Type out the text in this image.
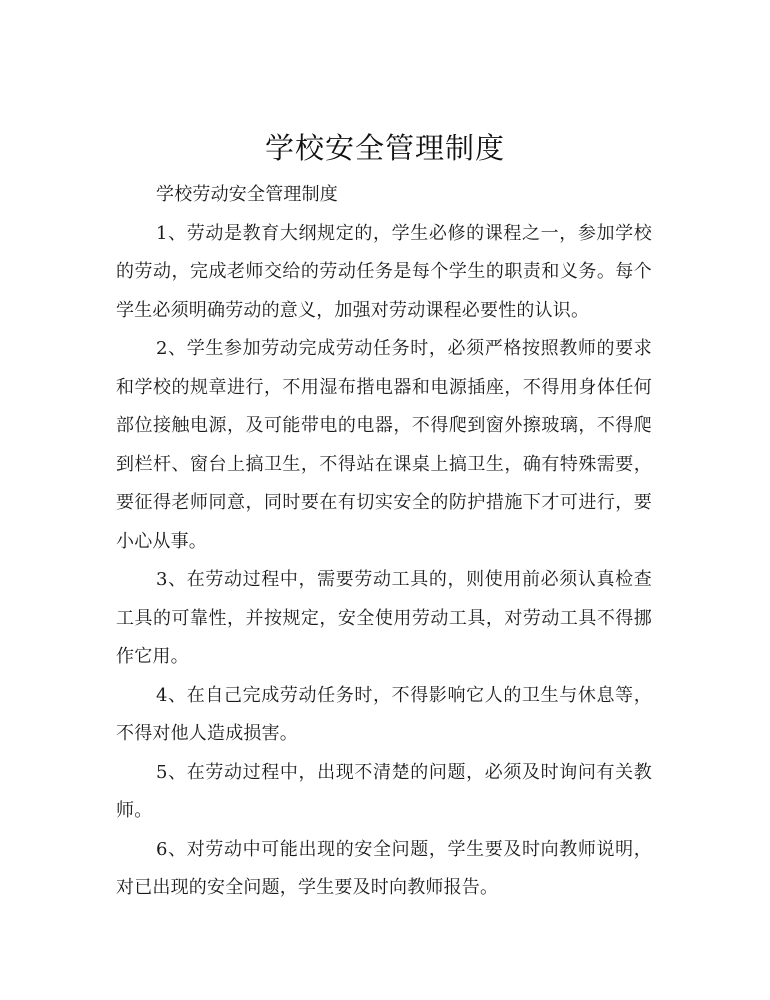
学校安全管理制度

学校劳动安全管理制度

1、劳动是教育大纲规定的，学生必修的课程之一，参加学校的劳动，完成老师交给的劳动任务是每个学生的职责和义务。每个学生必须明确劳动的意义，加强对劳动课程必要性的认识。

2、学生参加劳动完成劳动任务时，必须严格按照教师的要求和学校的规章进行，不用湿布揩电器和电源插座，不得用身体任何部位接触电源，及可能带电的电器，不得爬到窗外擦玻璃，不得爬到栏杆、窗台上搞卫生，不得站在课桌上搞卫生，确有特殊需要，要征得老师同意，同时要在有切实安全的防护措施下才可进行，要小心从事。

3、在劳动过程中，需要劳动工具的，则使用前必须认真检查工具的可靠性，并按规定，安全使用劳动工具，对劳动工具不得挪作它用。

4、在自己完成劳动任务时，不得影响它人的卫生与休息等，不得对他人造成损害。

5、在劳动过程中，出现不清楚的问题，必须及时询问有关教师。

6、对劳动中可能出现的安全问题，学生要及时向教师说明，对已出现的安全问题，学生要及时向教师报告。
